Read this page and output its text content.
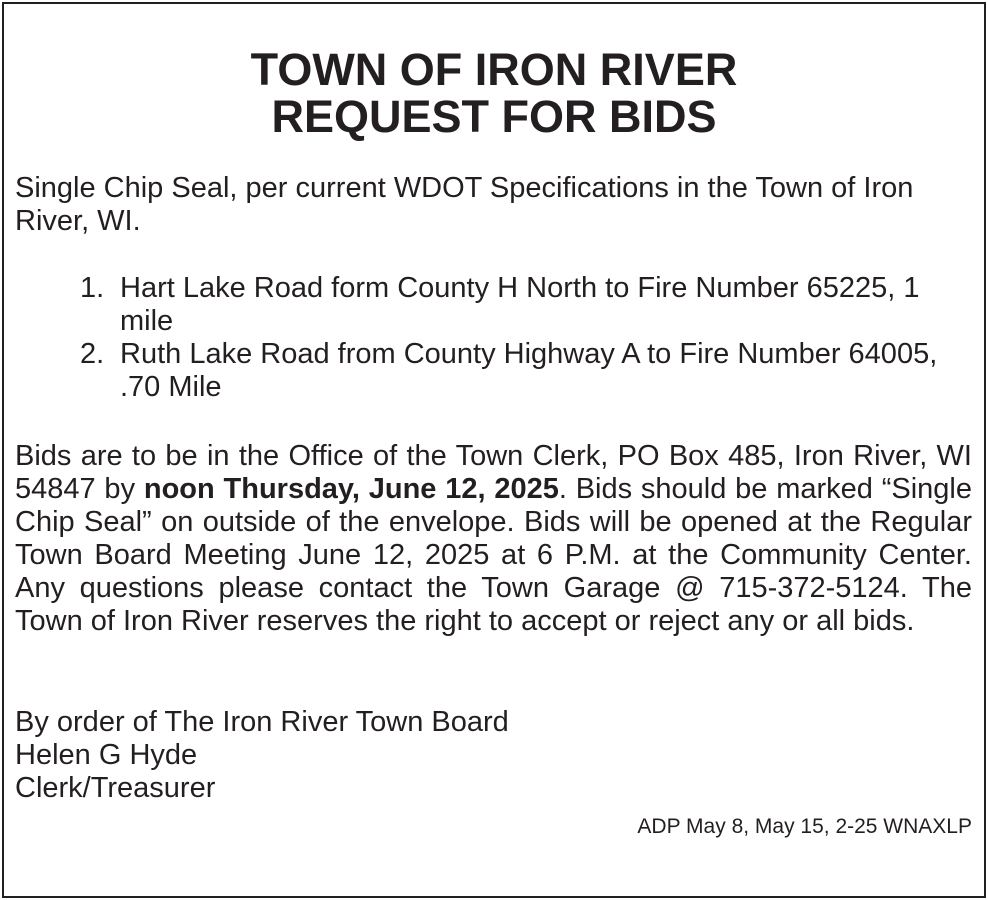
TOWN OF IRON RIVER
REQUEST FOR BIDS
Single Chip Seal, per current WDOT Specifications in the Town of Iron River, WI.
1. Hart Lake Road form County H North to Fire Number 65225, 1 mile
2. Ruth Lake Road from County Highway A to Fire Number 64005, .70 Mile
Bids are to be in the Office of the Town Clerk, PO Box 485, Iron River, WI 54847 by noon Thursday, June 12, 2025. Bids should be marked “Single Chip Seal” on outside of the envelope. Bids will be opened at the Regular Town Board Meeting June 12, 2025 at 6 P.M. at the Community Center. Any questions please contact the Town Garage @ 715-372-5124. The Town of Iron River reserves the right to accept or reject any or all bids.
By order of The Iron River Town Board
Helen G Hyde
Clerk/Treasurer
ADP May 8, May 15, 2-25 WNAXLP
